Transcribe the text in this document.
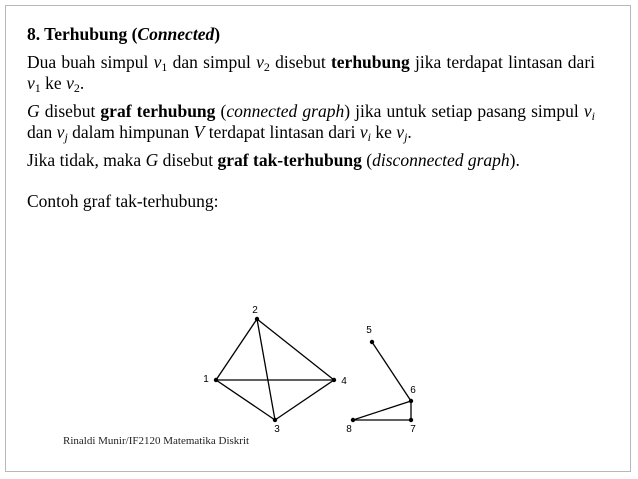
8. Terhubung (Connected)

Dua buah simpul $v_1$ dan simpul $v_2$ disebut terhubung jika terdapat lintasan dari $v_1$ ke $v_2$.

G disebut graf terhubung (connected graph) jika untuk setiap pasang simpul $v_i$ dan $v_j$ dalam himpunan V terdapat lintasan dari $v_i$ ke $v_j$.

Jika tidak, maka G disebut graf tak-terhubung (disconnected graph).

Contoh graf tak-terhubung:

1
2
3
4
5
6
7
8
Rinaldi Munir/IF2120 Matematika Diskrit
